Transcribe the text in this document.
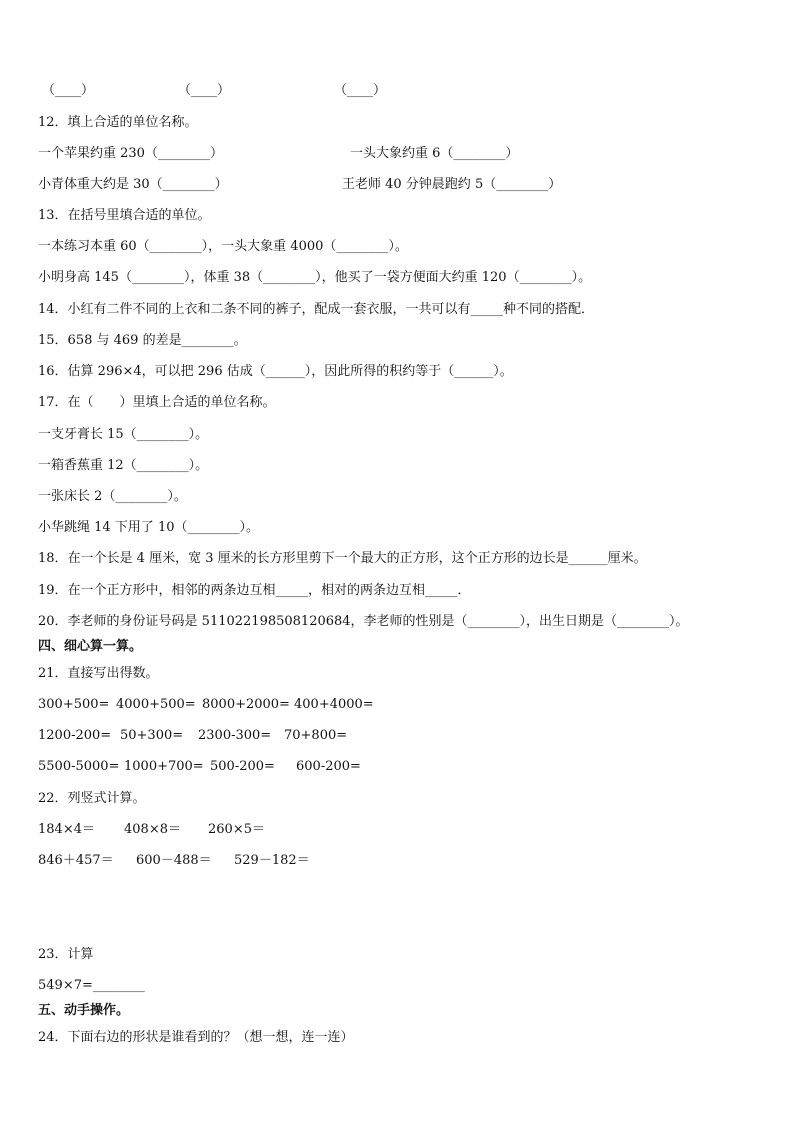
（____）	（____）	（____）
12．填上合适的单位名称。
一个苹果约重 230（________）	一头大象约重 6（________）
小青体重大约是 30（________）	王老师 40 分钟晨跑约 5（________）
13．在括号里填合适的单位。
一本练习本重 60（________），一头大象重 4000（________）。
小明身高 145（________），体重 38（________），他买了一袋方便面大约重 120（________）。
14．小红有二件不同的上衣和二条不同的裤子，配成一套衣服，一共可以有_____种不同的搭配．
15．658 与 469 的差是________。
16．估算 296×4，可以把 296 估成（______），因此所得的积约等于（______）。
17．在（　　）里填上合适的单位名称。
一支牙膏长 15（________）。
一箱香蕉重 12（________）。
一张床长 2（________）。
小华跳绳 14 下用了 10（________）。
18．在一个长是 4 厘米，宽 3 厘米的长方形里剪下一个最大的正方形，这个正方形的边长是______厘米。
19．在一个正方形中，相邻的两条边互相_____，相对的两条边互相_____．
20．李老师的身份证号码是 511022198508120684，李老师的性别是（________），出生日期是（________）。
四、细心算一算。
21．直接写出得数。
300+500= 4000+500= 8000+2000= 400+4000=
1200-200= 50+300= 2300-300= 70+800=
5500-5000= 1000+700= 500-200= 600-200=
22．列竖式计算。
184×4＝ 408×8＝ 260×5＝
846＋457＝ 600－488＝ 529－182＝
23．计算
549×7=________
五、动手操作。
24．下面右边的形状是谁看到的？（想一想，连一连）
